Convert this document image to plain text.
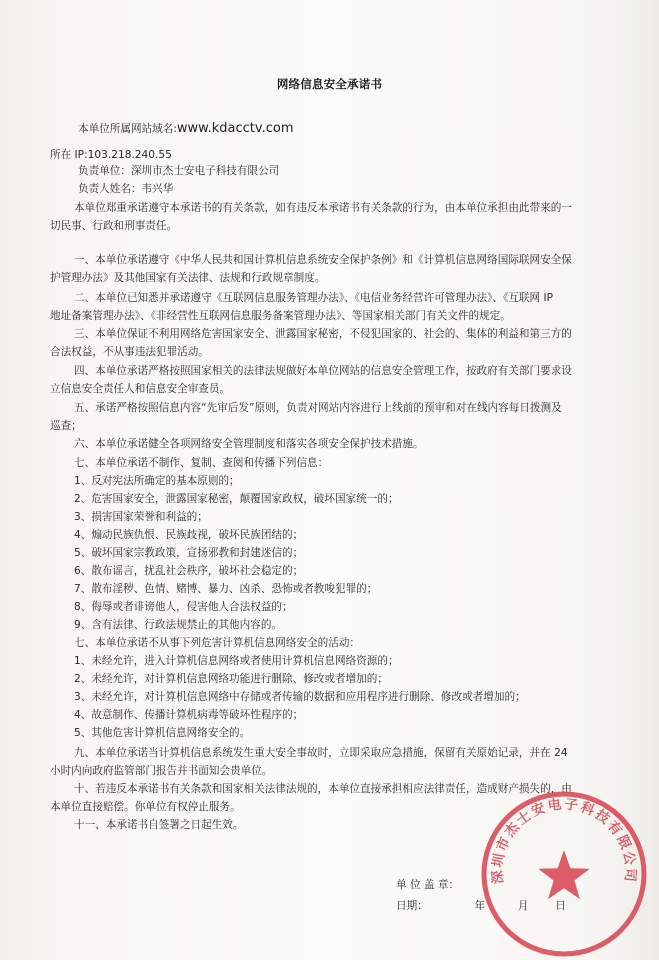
网络信息安全承诺书
本单位所属网站域名:www.kdacctv.com
所在 IP:103.218.240.55
负责单位：深圳市杰士安电子科技有限公司
负责人姓名：韦兴华
本单位郑重承诺遵守本承诺书的有关条款，如有违反本承诺书有关条款的行为，由本单位承担由此带来的一
切民事、行政和刑事责任。
一、本单位承诺遵守《中华人民共和国计算机信息系统安全保护条例》和《计算机信息网络国际联网安全保
护管理办法》及其他国家有关法律、法规和行政规章制度。
二、本单位已知悉并承诺遵守《互联网信息服务管理办法》、《电信业务经营许可管理办法》、《互联网 IP
地址备案管理办法》、《非经营性互联网信息服务备案管理办法》、等国家相关部门有关文件的规定。
三、本单位保证不利用网络危害国家安全、泄露国家秘密，不侵犯国家的、社会的、集体的利益和第三方的
合法权益，不从事违法犯罪活动。
四、本单位承诺严格按照国家相关的法律法规做好本单位网站的信息安全管理工作，按政府有关部门要求设
立信息安全责任人和信息安全审查员。
五、承诺严格按照信息内容“先审后发”原则，负责对网站内容进行上线前的预审和对在线内容每日拨测及
巡查；
六、本单位承诺健全各项网络安全管理制度和落实各项安全保护技术措施。
七、本单位承诺不制作、复制、查阅和传播下列信息：
1、反对宪法所确定的基本原则的；
2、危害国家安全，泄露国家秘密，颠覆国家政权，破坏国家统一的；
3、损害国家荣誉和利益的；
4、煽动民族仇恨、民族歧视，破坏民族团结的；
5、破坏国家宗教政策，宣扬邪教和封建迷信的；
6、散布谣言，扰乱社会秩序，破坏社会稳定的；
7、散布淫秽、色情、赌博、暴力、凶杀、恐怖或者教唆犯罪的；
8、侮辱或者诽谤他人，侵害他人合法权益的；
9、含有法律、行政法规禁止的其他内容的。
七、本单位承诺不从事下列危害计算机信息网络安全的活动：
1、未经允许，进入计算机信息网络或者使用计算机信息网络资源的；
2、未经允许，对计算机信息网络功能进行删除、修改或者增加的；
3、未经允许，对计算机信息网络中存储或者传输的数据和应用程序进行删除、修改或者增加的；
4、故意制作、传播计算机病毒等破坏性程序的；
5、其他危害计算机信息网络安全的。
九、本单位承诺当计算机信息系统发生重大安全事故时，立即采取应急措施，保留有关原始记录，并在 24
小时内向政府监管部门报告并书面知会贵单位。
十、若违反本承诺书有关条款和国家相关法律法规的，本单位直接承担相应法律责任，造成财产损失的，由
本单位直接赔偿。你单位有权停止服务。
十一、本承诺书自签署之日起生效。
单 位 盖 章：
日期：	年	月	日
深圳市杰士安电子科技有限公司
